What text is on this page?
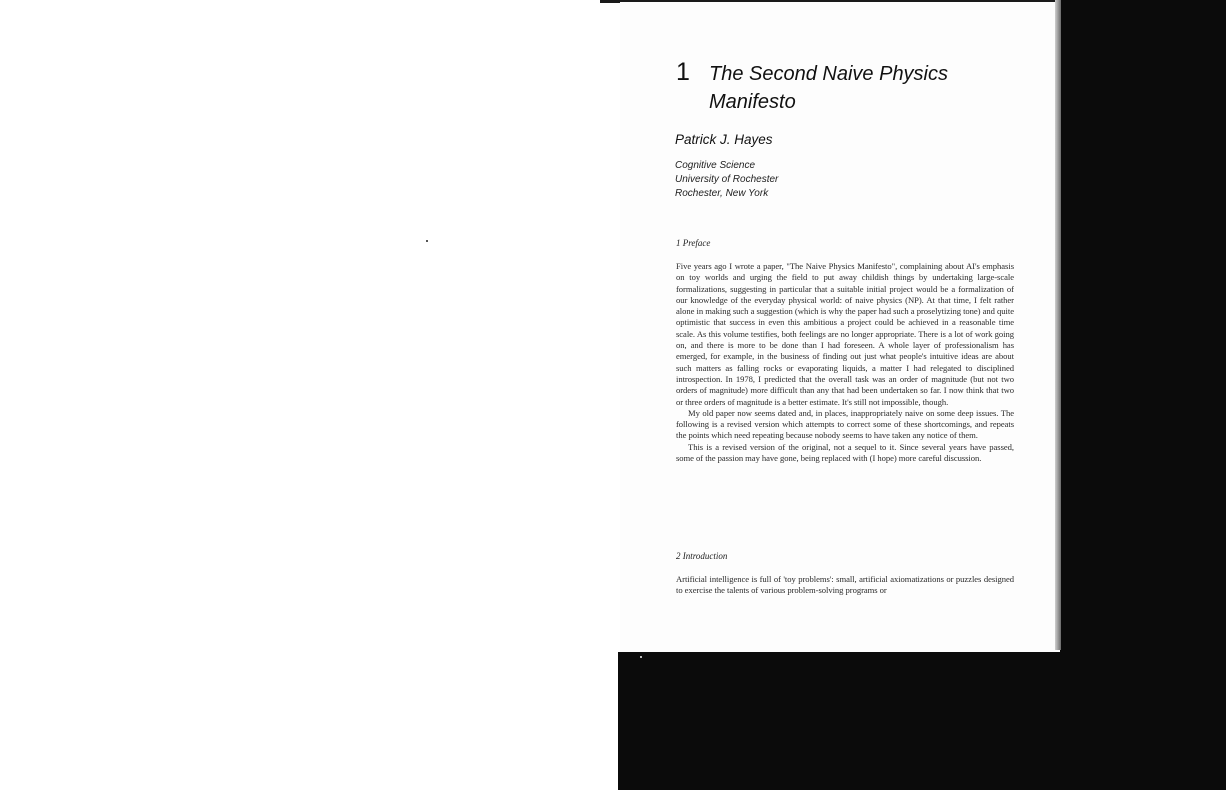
1 The Second Naive Physics Manifesto
Patrick J. Hayes
Cognitive Science
University of Rochester
Rochester, New York
1 Preface

Five years ago I wrote a paper, "The Naive Physics Manifesto", complaining about AI's emphasis on toy worlds and urging the field to put away childish things by undertaking large-scale formalizations, suggesting in particular that a suitable initial project would be a formalization of our knowledge of the everyday physical world: of naive physics (NP). At that time, I felt rather alone in making such a suggestion (which is why the paper had such a proselytizing tone) and quite optimistic that success in even this ambitious a project could be achieved in a reasonable time scale. As this volume testifies, both feelings are no longer appropriate. There is a lot of work going on, and there is more to be done than I had foreseen. A whole layer of professionalism has emerged, for example, in the business of finding out just what people's intuitive ideas are about such matters as falling rocks or evaporating liquids, a matter I had relegated to disciplined introspection. In 1978, I predicted that the overall task was an order of magnitude (but not two orders of magnitude) more difficult than any that had been undertaken so far. I now think that two or three orders of magnitude is a better estimate. It's still not impossible, though.

My old paper now seems dated and, in places, inappropriately naive on some deep issues. The following is a revised version which attempts to correct some of these shortcomings, and repeats the points which need repeating because nobody seems to have taken any notice of them.

This is a revised version of the original, not a sequel to it. Since several years have passed, some of the passion may have gone, being replaced with (I hope) more careful discussion.

2 Introduction

Artificial intelligence is full of 'toy problems': small, artificial axiomatizations or puzzles designed to exercise the talents of various problem-solving programs or
